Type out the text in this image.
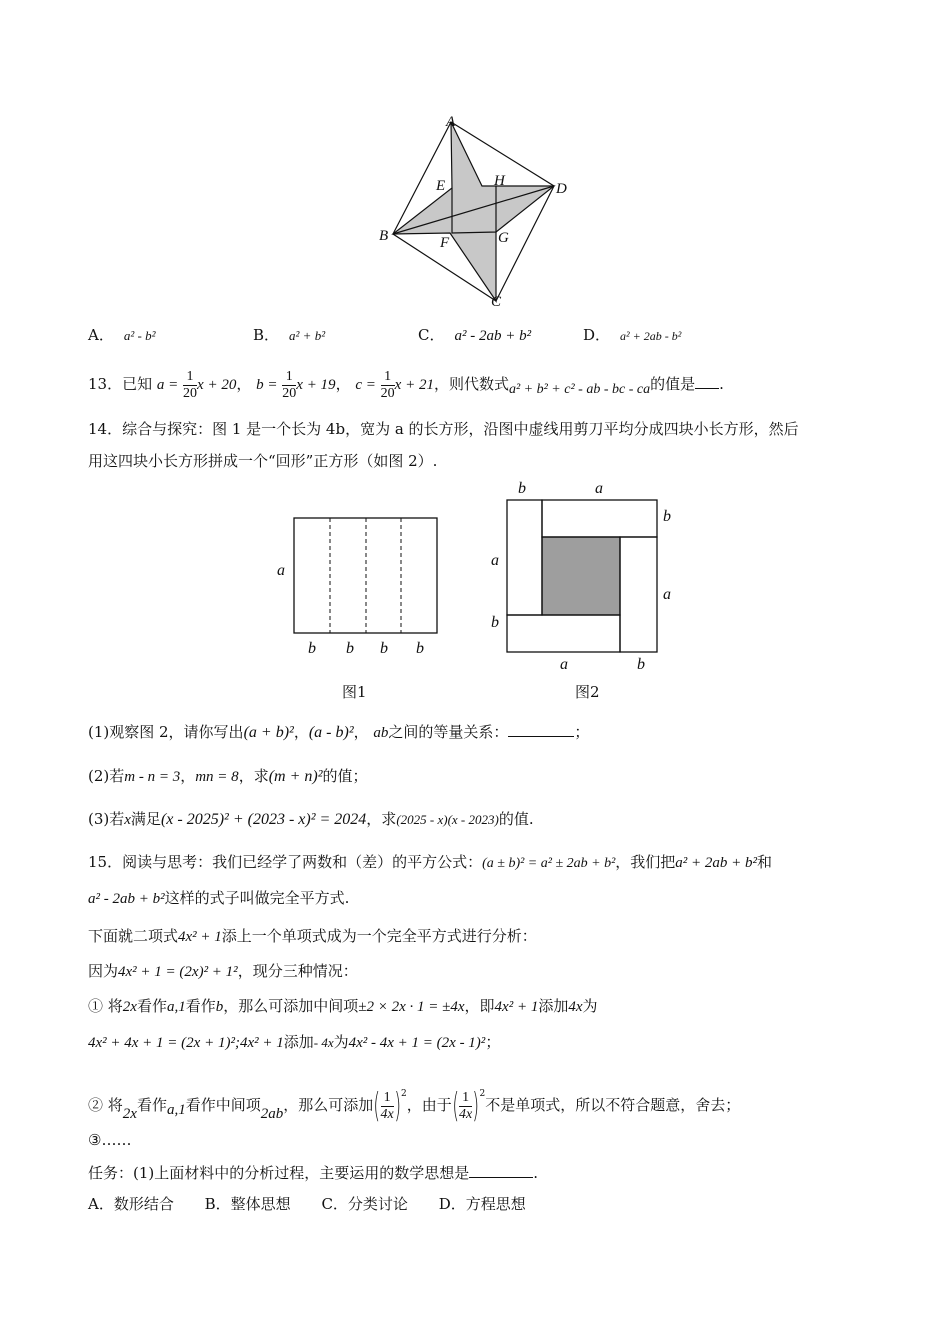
A
B
C
D
E
F	G
H
A． a² - b²	B． a² + b²	C． a² - 2ab + b²	D． a² + 2ab - b²
13．已知 $a = \frac{1}{20}$ x + 20， $b = \frac{1}{20}$ x + 19， $c = \frac{1}{20}$ x + 21，则代数式a² + b² + c² - ab - bc - ca的值是 .
14．综合与探究：图 1 是一个长为 4b，宽为 a 的长方形，沿图中虚线用剪刀平均分成四块小长方形，然后
用这四块小长方形拼成一个“回形”正方形（如图 2）.
a
b b b b
图1
b	a
b
a
a
b
a	b
图2
(1)观察图 2，请你写出(a + b)²，(a - b)²， ab之间的等量关系：	；
(2)若m - n = 3，mn = 8，求(m + n)²的值；
(3)若x满足(x - 2025)² + (2023 - x)² = 2024，求(2025 - x)(x - 2023)的值.
15．阅读与思考：我们已经学了两数和（差）的平方公式：(a ± b)² = a² ± 2ab + b²，我们把a² + 2ab + b²和
a² - 2ab + b²这样的式子叫做完全平方式.
下面就二项式4x² + 1添上一个单项式成为一个完全平方式进行分析：
因为4x² + 1 = (2x)² + 1²，现分三种情况：
① 将2x看作a,1看作b，那么可添加中间项±2 × 2x · 1 = ±4x，即4x² + 1添加4x为
4x² + 4x + 1 = (2x + 1)²;4x² + 1添加- 4x为4x² - 4x + 1 = (2x - 1)²；
② 将2x看作a,1看作中间项2ab，那么可添加( $\frac{1}{4x} )^2$，由于( $\frac{1}{4x} )^2$不是单项式，所以不符合题意，舍去；
③……
任务：(1)上面材料中的分析过程，主要运用的数学思想是	.
A．数形结合 B．整体思想 C．分类讨论 D．方程思想
